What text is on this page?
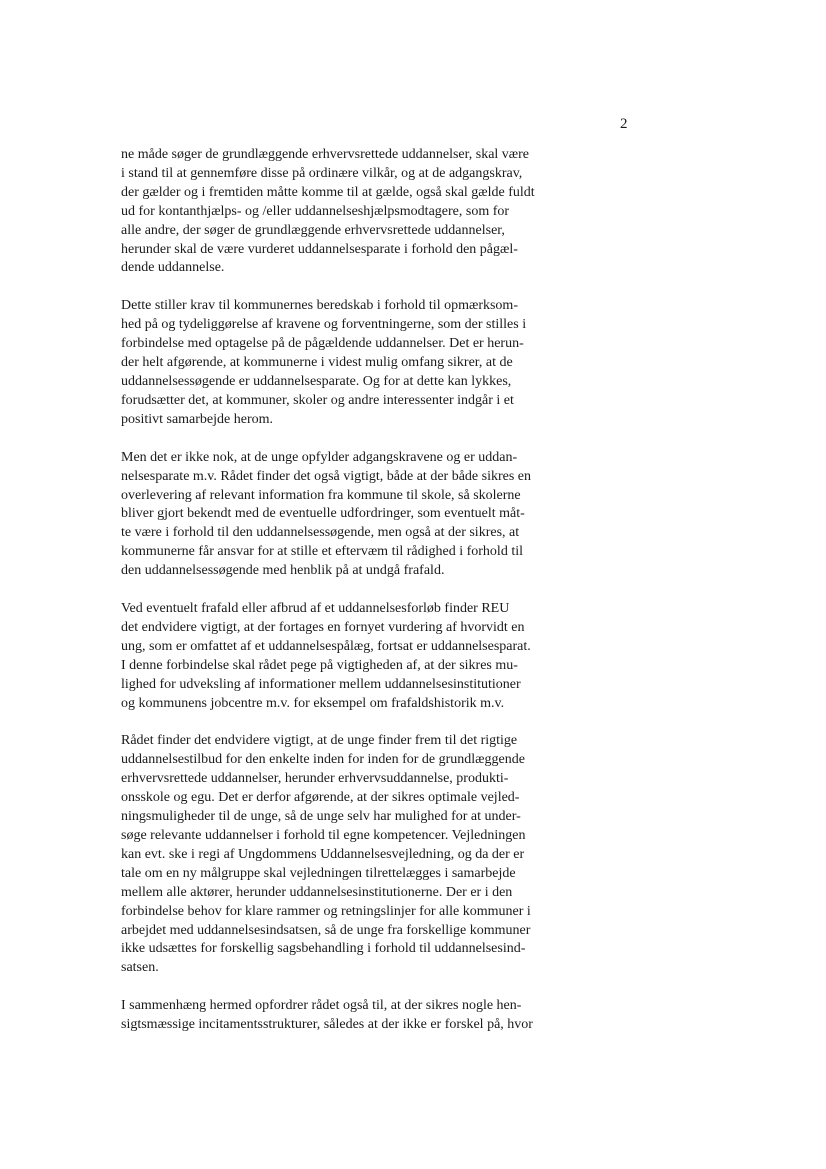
2

ne måde søger de grundlæggende erhvervsrettede uddannelser, skal være
i stand til at gennemføre disse på ordinære vilkår, og at de adgangskrav,
der gælder og i fremtiden måtte komme til at gælde, også skal gælde fuldt
ud for kontanthjælps- og /eller uddannelseshjælpsmodtagere, som for
alle andre, der søger de grundlæggende erhvervsrettede uddannelser,
herunder skal de være vurderet uddannelsesparate i forhold den pågæl-
dende uddannelse.

Dette stiller krav til kommunernes beredskab i forhold til opmærksom-
hed på og tydeliggørelse af kravene og forventningerne, som der stilles i
forbindelse med optagelse på de pågældende uddannelser. Det er herun-
der helt afgørende, at kommunerne i videst mulig omfang sikrer, at de
uddannelsessøgende er uddannelsesparate. Og for at dette kan lykkes,
forudsætter det, at kommuner, skoler og andre interessenter indgår i et
positivt samarbejde herom.

Men det er ikke nok, at de unge opfylder adgangskravene og er uddan-
nelsesparate m.v. Rådet finder det også vigtigt, både at der både sikres en
overlevering af relevant information fra kommune til skole, så skolerne
bliver gjort bekendt med de eventuelle udfordringer, som eventuelt måt-
te være i forhold til den uddannelsessøgende, men også at der sikres, at
kommunerne får ansvar for at stille et eftervæm til rådighed i forhold til
den uddannelsessøgende med henblik på at undgå frafald.

Ved eventuelt frafald eller afbrud af et uddannelsesforløb finder REU
det endvidere vigtigt, at der fortages en fornyet vurdering af hvorvidt en
ung, som er omfattet af et uddannelsespålæg, fortsat er uddannelsesparat.
I denne forbindelse skal rådet pege på vigtigheden af, at der sikres mu-
lighed for udveksling af informationer mellem uddannelsesinstitutioner
og kommunens jobcentre m.v. for eksempel om frafaldshistorik m.v.

Rådet finder det endvidere vigtigt, at de unge finder frem til det rigtige
uddannelsestilbud for den enkelte inden for inden for de grundlæggende
erhvervsrettede uddannelser, herunder erhvervsuddannelse, produkti-
onsskole og egu. Det er derfor afgørende, at der sikres optimale vejled-
ningsmuligheder til de unge, så de unge selv har mulighed for at under-
søge relevante uddannelser i forhold til egne kompetencer. Vejledningen
kan evt. ske i regi af Ungdommens Uddannelsesvejledning, og da der er
tale om en ny målgruppe skal vejledningen tilrettelægges i samarbejde
mellem alle aktører, herunder uddannelsesinstitutionerne. Der er i den
forbindelse behov for klare rammer og retningslinjer for alle kommuner i
arbejdet med uddannelsesindsatsen, så de unge fra forskellige kommuner
ikke udsættes for forskellig sagsbehandling i forhold til uddannelsesind-
satsen.

I sammenhæng hermed opfordrer rådet også til, at der sikres nogle hen-
sigtsmæssige incitamentsstrukturer, således at der ikke er forskel på, hvor
